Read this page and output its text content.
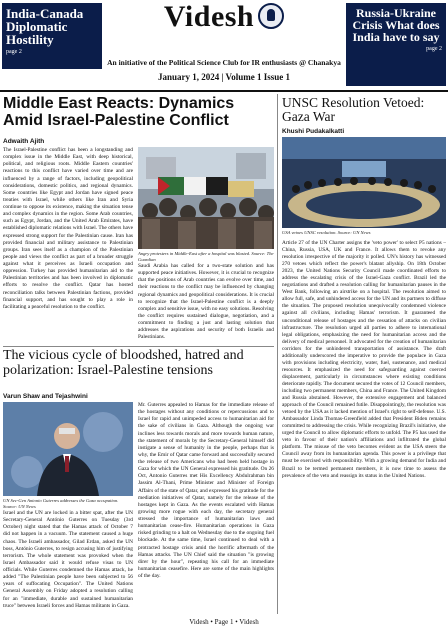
India-Canada Diplomatic Hostility
page 2
Videsh
An initiative of the Political Science Club for IR enthusiasts @ Chanakya
January 1, 2024 | Volume 1 Issue 1
Russia-Ukraine Crisis What does India have to say
page 2
Middle East Reacts: Dynamics Amid Israel-Palestine Conflict
Adwaith Ajith
The Israel-Palestine conflict has been a longstanding and complex issue in the Middle East, with deep historical, political, and religious roots. Middle Eastern countries' reactions to this conflict have varied over time and are influenced by a range of factors, including geopolitical considerations, domestic politics, and regional dynamics. Some countries like Egypt and Jordan have signed peace treaties with Israel, while others like Iran and Syria continue to oppose its existence, making the situation tense and complex dynamics in the region. Some Arab countries, such as Egypt, Jordan, and the United Arab Emirates, have established diplomatic relations with Israel. The others have expressed strong support for the Palestinian cause. Iran has provided financial and military assistance to Palestinian groups. Iran sees itself as a champion of the Palestinian people and views the conflict as part of a broader struggle against what it perceives as Israeli occupation and oppression. Turkey has provided humanitarian aid to the Palestinian territories and has been involved in diplomatic efforts to resolve the conflict. Qatar has hosted reconciliation talks between Palestinian factions, provided financial support, and has sought to play a role in facilitating a peaceful resolution to the conflict.
Angry protesters in Middle-East after a hospital was blasted. Source: The Guardian
Saudi Arabia has called for a two-state solution and has supported peace initiatives. However, it is crucial to recognize that the positions of Arab countries can evolve over time, and their reactions to the conflict may be influenced by changing regional dynamics and geopolitical considerations. It is crucial to recognize that the Israel-Palestine conflict is a deeply complex and sensitive issue, with no easy solutions. Resolving the conflict requires sustained dialogue, negotiation, and a commitment to finding a just and lasting solution that addresses the aspirations and security of both Israelis and Palestinians.
UNSC Resolution Vetoed: Gaza War
Khushi Pudakalkatti
USA vetoes UNSC resolution. Source: UN News
Article 27 of the UN Charter assigns the 'veto power' to select P5 nations – China, Russia, USA, UK and France. It allows them to revoke any resolution irrespective of the majority it polled. UN's history has witnessed 270 vetoes which reflect the power's blatant allyship. On 18th October 2023, the United Nations Security Council made coordinated efforts to address the escalating crisis of the Israel-Gaza conflict. Brazil led the negotiations and drafted a resolution calling for humanitarian pauses in the West Bank, following an airstrike on a hospital. The resolution aimed to allow full, safe, and unhindered access for the UN and its partners to diffuse the situation. The proposed resolution unequivocally condemned violence against all civilians, including Hamas' terrorism. It guaranteed the unconditional release of hostages and the cessation of attacks on civilian infrastructure. The resolution urged all parties to adhere to international legal obligations, emphasizing the need for humanitarian access and the delivery of medical personnel. It advocated for the creation of humanitarian corridors for the unhindered transportation of assistance. The draft additionally underscored the imperative to provide the populace in Gaza with provisions including electricity, water, fuel, sustenance, and medical resources. It emphasized the need for safeguarding against coerced displacement, particularly in circumstances where existing conditions deteriorate rapidly. The document secured the votes of 12 Council members, including two permanent members, China and France. The United Kingdom and Russia abstained. However, the extensive engagement and balanced approach of the Council remained futile. Disappointingly, the resolution was vetoed by the USA as it lacked mention of Israel's right to self-defense. U.S. Ambassador Linda Thomas-Greenfield added that President Biden remains committed to addressing the crisis. While recognizing Brazil's initiative, she urged the Council to allow diplomatic efforts to unfold. The P5 has used the veto in favour of their nation's affiliations and infiltrated the global platform. The misuse of the veto becomes evident as the USA steers the Council away from its humanitarian agenda. This power is a privilege that must be exercised with responsibility. With a growing demand for India and Brazil to be termed permanent members, it is now time to assess the prevalence of the veto and reassign its status in the United Nations.
The vicious cycle of bloodshed, hatred and polarization: Israel-Palestine tensions
Varun Shaw and Tejashwini
UN Sec-Gen Antonio Guterres addresses the Gaza occupation. Source: UN News
Israel and the UN are locked in a bitter spat, after the UN Secretary-General António Guterres on Tuesday (3rd October) night stated that the Hamas attack of October 7 did not happen in a vacuum. The statement caused a huge chaos. The Israeli ambassador, Gilad Erdan, asked the UN boss, António Guterres, to resign accusing him of justifying terrorism. The whole statement was provoked when the Israel Ambassador said it would refuse visas to UN officials. While Guterres condemned the Hamas attack, he added "The Palestinian people have been subjected to 56 years of suffocating Occupation". The United Nations General Assembly on Friday adopted a resolution calling for an "immediate, durable and sustained humanitarian truce" between Israeli forces and Hamas militants in Gaza.
Mr. Guterres appealed to Hamas for the immediate release of the hostages without any conditions or repercussions and to Israel for rapid and unimpeded access to humanitarian aid for the sake of civilians in Gaza. Although the ongoing war inclines less towards morals and more towards human nature, the statement of morals by the Secretary-General himself did instigate a sense of humanity in the people, perhaps that is why, the Emir of Qatar came forward and successfully secured the release of two Americans who had been held hostage in Gaza for which the UN General expressed his gratitude. On 26 Oct, Antonio Guterres met His Excellency Abdulrahman bin Jassim Al-Thani, Prime Minister and Minister of Foreign Affairs of the state of Qatar, and expressed his gratitude for the mediation initiatives of Qatar, namely for the release of the hostages kept in Gaza. As the events escalated with Hamas growing more rogue with each day, the secretary general stressed the importance of humanitarian laws and humanitarian cease-fire. Humanitarian operations in Gaza risked grinding to a halt on Wednesday due to the ongoing fuel blockade. At the same time, Israel continued to deal with a protracted hostage crisis amid the horrific aftermath of the Hamas attacks. The UN Chief said the situation "is growing direr by the hour", repeating his call for an immediate humanitarian ceasefire. Here are some of the main highlights of the day.
Videsh • Page 1 • Videsh
